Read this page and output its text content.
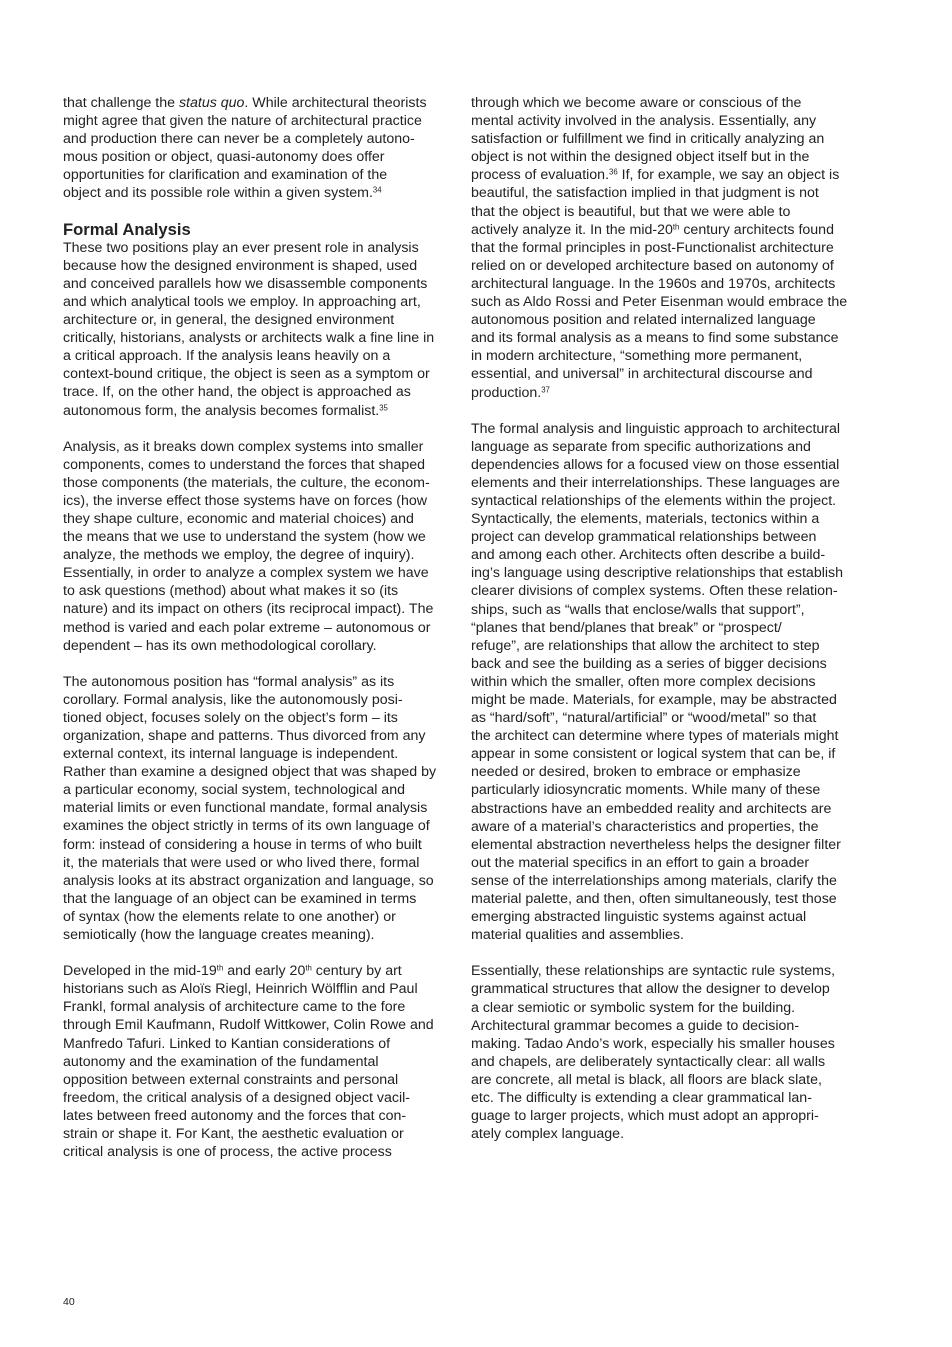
that challenge the status quo. While architectural theorists
might agree that given the nature of architectural practice
and production there can never be a completely autono-
mous position or object, quasi-autonomy does offer
opportunities for clarification and examination of the
object and its possible role within a given system.$^{34}$

Formal Analysis

These two positions play an ever present role in analysis
because how the designed environment is shaped, used
and conceived parallels how we disassemble components
and which analytical tools we employ. In approaching art,
architecture or, in general, the designed environment
critically, historians, analysts or architects walk a fine line in
a critical approach. If the analysis leans heavily on a
context-bound critique, the object is seen as a symptom or
trace. If, on the other hand, the object is approached as
autonomous form, the analysis becomes formalist.$^{35}$

Analysis, as it breaks down complex systems into smaller
components, comes to understand the forces that shaped
those components (the materials, the culture, the econom-
ics), the inverse effect those systems have on forces (how
they shape culture, economic and material choices) and
the means that we use to understand the system (how we
analyze, the methods we employ, the degree of inquiry).
Essentially, in order to analyze a complex system we have
to ask questions (method) about what makes it so (its
nature) and its impact on others (its reciprocal impact). The
method is varied and each polar extreme – autonomous or
dependent – has its own methodological corollary.

The autonomous position has “formal analysis” as its
corollary. Formal analysis, like the autonomously posi-
tioned object, focuses solely on the object’s form – its
organization, shape and patterns. Thus divorced from any
external context, its internal language is independent.
Rather than examine a designed object that was shaped by
a particular economy, social system, technological and
material limits or even functional mandate, formal analysis
examines the object strictly in terms of its own language of
form: instead of considering a house in terms of who built
it, the materials that were used or who lived there, formal
analysis looks at its abstract organization and language, so
that the language of an object can be examined in terms
of syntax (how the elements relate to one another) or
semiotically (how the language creates meaning).

Developed in the mid-19th and early 20th century by art
historians such as Aloïs Riegl, Heinrich Wölfflin and Paul
Frankl, formal analysis of architecture came to the fore
through Emil Kaufmann, Rudolf Wittkower, Colin Rowe and
Manfredo Tafuri. Linked to Kantian considerations of
autonomy and the examination of the fundamental
opposition between external constraints and personal
freedom, the critical analysis of a designed object vacil-
lates between freed autonomy and the forces that con-
strain or shape it. For Kant, the aesthetic evaluation or
critical analysis is one of process, the active process

through which we become aware or conscious of the
mental activity involved in the analysis. Essentially, any
satisfaction or fulfillment we find in critically analyzing an
object is not within the designed object itself but in the
process of evaluation.$^{36}$ If, for example, we say an object is
beautiful, the satisfaction implied in that judgment is not
that the object is beautiful, but that we were able to
actively analyze it. In the mid-20th century architects found
that the formal principles in post-Functionalist architecture
relied on or developed architecture based on autonomy of
architectural language. In the 1960s and 1970s, architects
such as Aldo Rossi and Peter Eisenman would embrace the
autonomous position and related internalized language
and its formal analysis as a means to find some substance
in modern architecture, “something more permanent,
essential, and universal” in architectural discourse and
production.$^{37}$

The formal analysis and linguistic approach to architectural
language as separate from specific authorizations and
dependencies allows for a focused view on those essential
elements and their interrelationships. These languages are
syntactical relationships of the elements within the project.
Syntactically, the elements, materials, tectonics within a
project can develop grammatical relationships between
and among each other. Architects often describe a build-
ing’s language using descriptive relationships that establish
clearer divisions of complex systems. Often these relation-
ships, such as “walls that enclose/walls that support”,
“planes that bend/planes that break” or “prospect/
refuge”, are relationships that allow the architect to step
back and see the building as a series of bigger decisions
within which the smaller, often more complex decisions
might be made. Materials, for example, may be abstracted
as “hard/soft”, “natural/artificial” or “wood/metal” so that
the architect can determine where types of materials might
appear in some consistent or logical system that can be, if
needed or desired, broken to embrace or emphasize
particularly idiosyncratic moments. While many of these
abstractions have an embedded reality and architects are
aware of a material’s characteristics and properties, the
elemental abstraction nevertheless helps the designer filter
out the material specifics in an effort to gain a broader
sense of the interrelationships among materials, clarify the
material palette, and then, often simultaneously, test those
emerging abstracted linguistic systems against actual
material qualities and assemblies.

Essentially, these relationships are syntactic rule systems,
grammatical structures that allow the designer to develop
a clear semiotic or symbolic system for the building.
Architectural grammar becomes a guide to decision-
making. Tadao Ando’s work, especially his smaller houses
and chapels, are deliberately syntactically clear: all walls
are concrete, all metal is black, all floors are black slate,
etc. The difficulty is extending a clear grammatical lan-
guage to larger projects, which must adopt an appropri-
ately complex language.

40
